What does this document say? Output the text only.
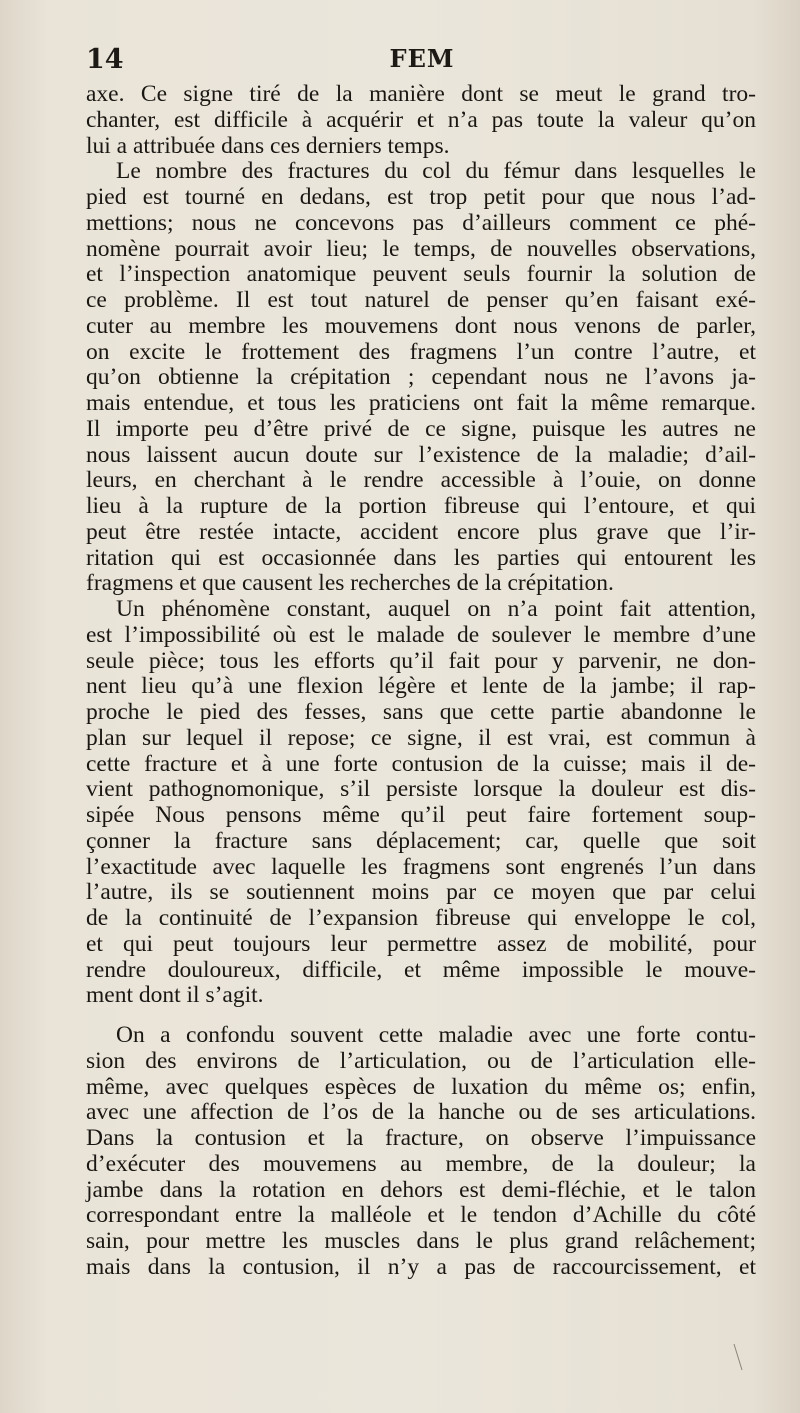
14	FEM
axe. Ce signe tiré de la manière dont se meut le grand tro-
chanter, est difficile à acquérir et n’a pas toute la valeur qu’on
lui a attribuée dans ces derniers temps.
Le nombre des fractures du col du fémur dans lesquelles le
pied est tourné en dedans, est trop petit pour que nous l’ad-
mettions; nous ne concevons pas d’ailleurs comment ce phé-
nomène pourrait avoir lieu; le temps, de nouvelles observations,
et l’inspection anatomique peuvent seuls fournir la solution de
ce problème. Il est tout naturel de penser qu’en faisant exé-
cuter au membre les mouvemens dont nous venons de parler,
on excite le frottement des fragmens l’un contre l’autre, et
qu’on obtienne la crépitation ; cependant nous ne l’avons ja-
mais entendue, et tous les praticiens ont fait la même remarque.
Il importe peu d’être privé de ce signe, puisque les autres ne
nous laissent aucun doute sur l’existence de la maladie; d’ail-
leurs, en cherchant à le rendre accessible à l’ouie, on donne
lieu à la rupture de la portion fibreuse qui l’entoure, et qui
peut être restée intacte, accident encore plus grave que l’ir-
ritation qui est occasionnée dans les parties qui entourent les
fragmens et que causent les recherches de la crépitation.
Un phénomène constant, auquel on n’a point fait attention,
est l’impossibilité où est le malade de soulever le membre d’une
seule pièce; tous les efforts qu’il fait pour y parvenir, ne don-
nent lieu qu’à une flexion légère et lente de la jambe; il rap-
proche le pied des fesses, sans que cette partie abandonne le
plan sur lequel il repose; ce signe, il est vrai, est commun à
cette fracture et à une forte contusion de la cuisse; mais il de-
vient pathognomonique, s’il persiste lorsque la douleur est dis-
sipée Nous pensons même qu’il peut faire fortement soup-
çonner la fracture sans déplacement; car, quelle que soit
l’exactitude avec laquelle les fragmens sont engrenés l’un dans
l’autre, ils se soutiennent moins par ce moyen que par celui
de la continuité de l’expansion fibreuse qui enveloppe le col,
et qui peut toujours leur permettre assez de mobilité, pour
rendre douloureux, difficile, et même impossible le mouve-
ment dont il s’agit.
On a confondu souvent cette maladie avec une forte contu-
sion des environs de l’articulation, ou de l’articulation elle-
même, avec quelques espèces de luxation du même os; enfin,
avec une affection de l’os de la hanche ou de ses articulations.
Dans la contusion et la fracture, on observe l’impuissance
d’exécuter des mouvemens au membre, de la douleur; la
jambe dans la rotation en dehors est demi-fléchie, et le talon
correspondant entre la malléole et le tendon d’Achille du côté
sain, pour mettre les muscles dans le plus grand relâchement;
mais dans la contusion, il n’y a pas de raccourcissement, et
